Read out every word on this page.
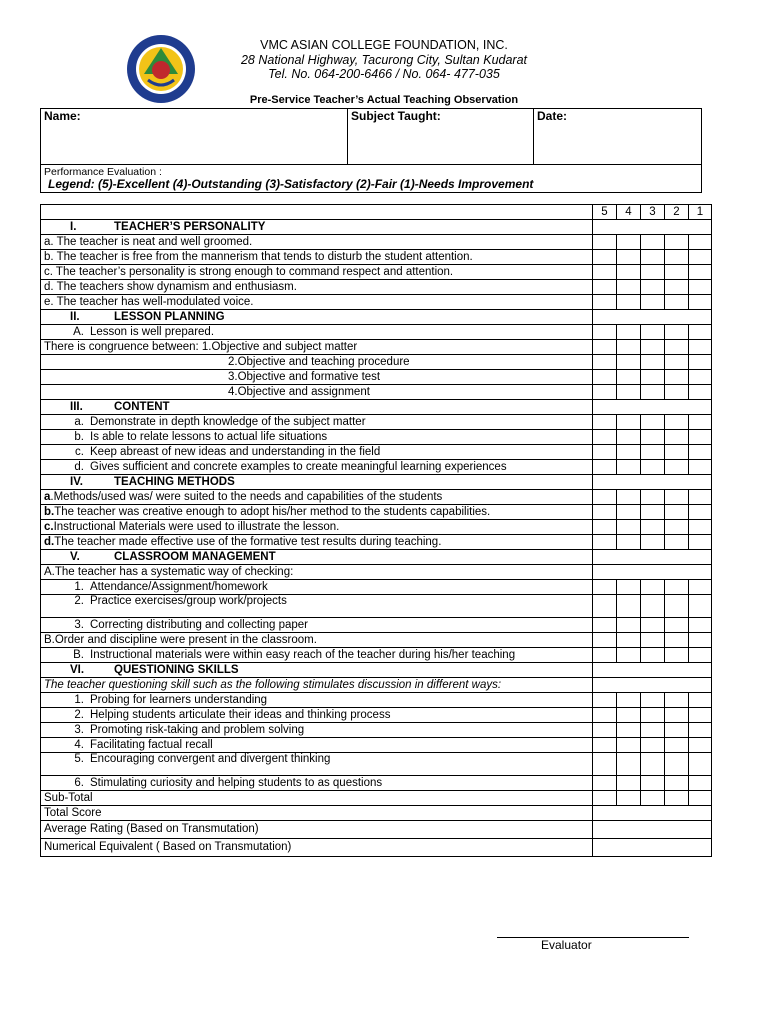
VMC ASIAN COLLEGE FOUNDATION, INC.
28 National Highway, Tacurong City, Sultan Kudarat
Tel. No. 064-200-6466 / No. 064- 477-035
Pre-Service Teacher’s Actual Teaching Observation
Name:	Subject Taught:	Date:
Performance Evaluation :
Legend: (5)-Excellent (4)-Outstanding (3)-Satisfactory (2)-Fair (1)-Needs Improvement
	5	4	3	2	1
I. TEACHER’S PERSONALITY					
a. The teacher is neat and well groomed.					
b. The teacher is free from the mannerism that tends to disturb the student attention.					
c. The teacher’s personality is strong enough to command respect and attention.					
d. The teachers show dynamism and enthusiasm.					
e. The teacher has well-modulated voice.					
II. LESSON PLANNING					
A. Lesson is well prepared.					
There is congruence between: 1.Objective and subject matter					
2.Objective and teaching procedure					
3.Objective and formative test					
4.Objective and assignment					
III. CONTENT					
a. Demonstrate in depth knowledge of the subject matter					
b. Is able to relate lessons to actual life situations					
c. Keep abreast of new ideas and understanding in the field					

d. Gives sufficient and concrete examples to create meaningful learning experiences					

IV. TEACHING METHODS					
a.Methods/used was/ were suited to the needs and capabilities of the students					
b.The teacher was creative enough to adopt his/her method to the students capabilities.					
c.Instructional Materials were used to illustrate the lesson.					
d.The teacher made effective use of the formative test results during teaching.					
V. CLASSROOM MANAGEMENT					
A.The teacher has a systematic way of checking:					
1. Attendance/Assignment/homework					
2. Practice exercises/group work/projects					
3. Correcting distributing and collecting paper					
B.Order and discipline were present in the classroom.					

B. Instructional materials were within easy reach of the teacher during his/her teaching					

VI. QUESTIONING SKILLS					
The teacher questioning skill such as the following stimulates discussion in different ways:					
1. Probing for learners understanding					
2. Helping students articulate their ideas and thinking process					
3. Promoting risk-taking and problem solving					
4. Facilitating factual recall					
5. Encouraging convergent and divergent thinking					
6. Stimulating curiosity and helping students to as questions					
Sub-Total					
Total Score					
Average Rating (Based on Transmutation)					
Numerical Equivalent ( Based on Transmutation)					
Evaluator
